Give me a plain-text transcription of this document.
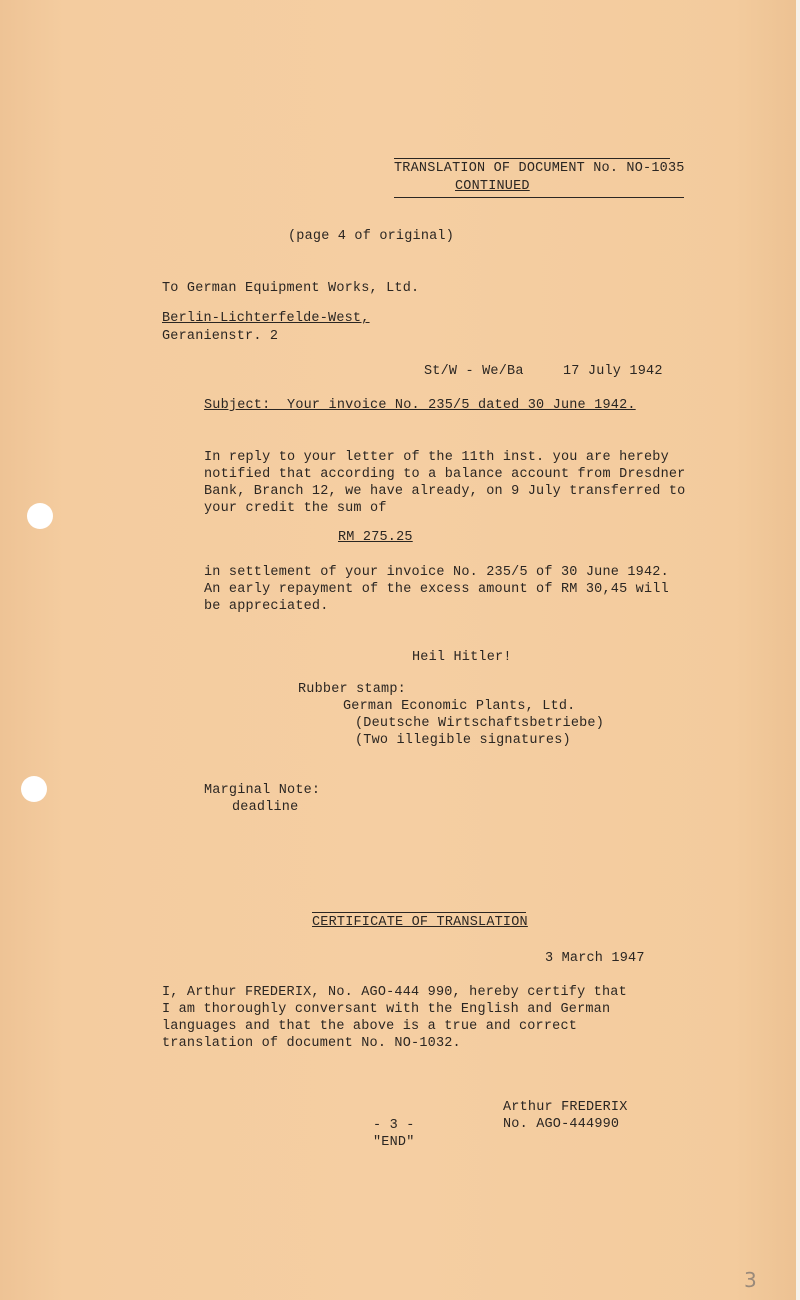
TRANSLATION OF DOCUMENT No. NO-1035
CONTINUED
(page 4 of original)
To German Equipment Works, Ltd.
Berlin-Lichterfelde-West,
Geranienstr. 2
St/W - We/Ba	17 July 1942
Subject:  Your invoice No. 235/5 dated 30 June 1942.
In reply to your letter of the 11th inst. you are hereby
notified that according to a balance account from Dresdner
Bank, Branch 12, we have already, on 9 July transferred to
your credit the sum of
RM 275.25
in settlement of your invoice No. 235/5 of 30 June 1942.
An early repayment of the excess amount of RM 30,45 will
be appreciated.
Heil Hitler!
Rubber stamp:
German Economic Plants, Ltd.
(Deutsche Wirtschaftsbetriebe)
(Two illegible signatures)
Marginal Note:
deadline
CERTIFICATE OF TRANSLATION
3 March 1947
I, Arthur FREDERIX, No. AGO-444 990, hereby certify that
I am thoroughly conversant with the English and German
languages and that the above is a true and correct
translation of document No. NO-1032.
Arthur FREDERIX
No. AGO-444990
- 3 -
"END"
3
